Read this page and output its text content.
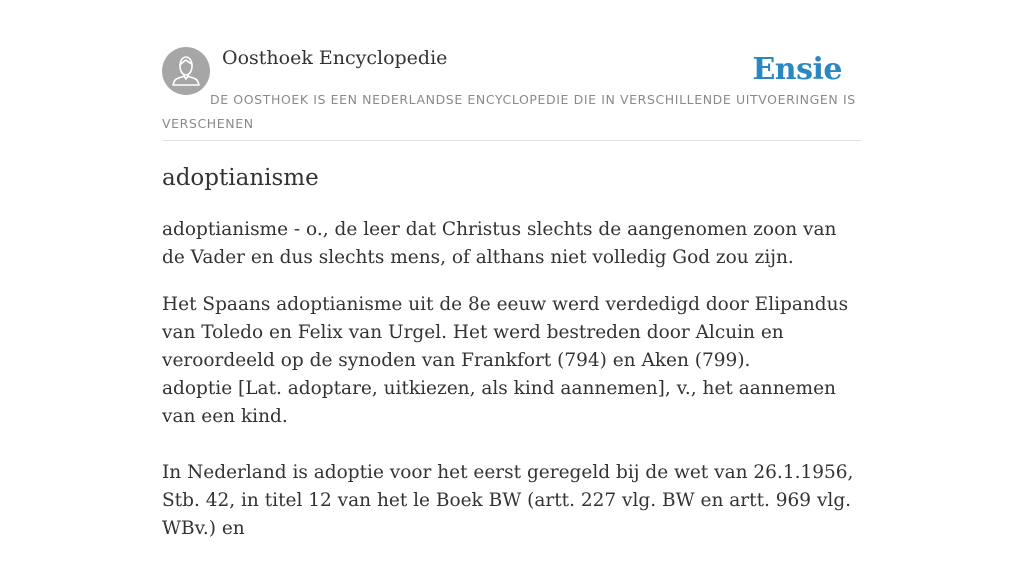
Oosthoek Encyclopedie	Ensie
DE OOSTHOEK IS EEN NEDERLANDSE ENCYCLOPEDIE DIE IN VERSCHILLENDE UITVOERINGEN IS VERSCHENEN
adoptianisme

adoptianisme - o., de leer dat Christus slechts de aangenomen zoon van de Vader en dus slechts mens, of althans niet volledig God zou zijn.

Het Spaans adoptianisme uit de 8e eeuw werd verdedigd door Elipandus van Toledo en Felix van Urgel. Het werd bestreden door Alcuin en veroordeeld op de synoden van Frankfort (794) en Aken (799).
adoptie [Lat. adoptare, uitkiezen, als kind aannemen], v., het aannemen van een kind.
In Nederland is adoptie voor het eerst geregeld bij de wet van 26.1.1956, Stb. 42, in titel 12 van het le Boek BW (artt. 227 vlg. BW en artt. 969 vlg. WBv.) en
